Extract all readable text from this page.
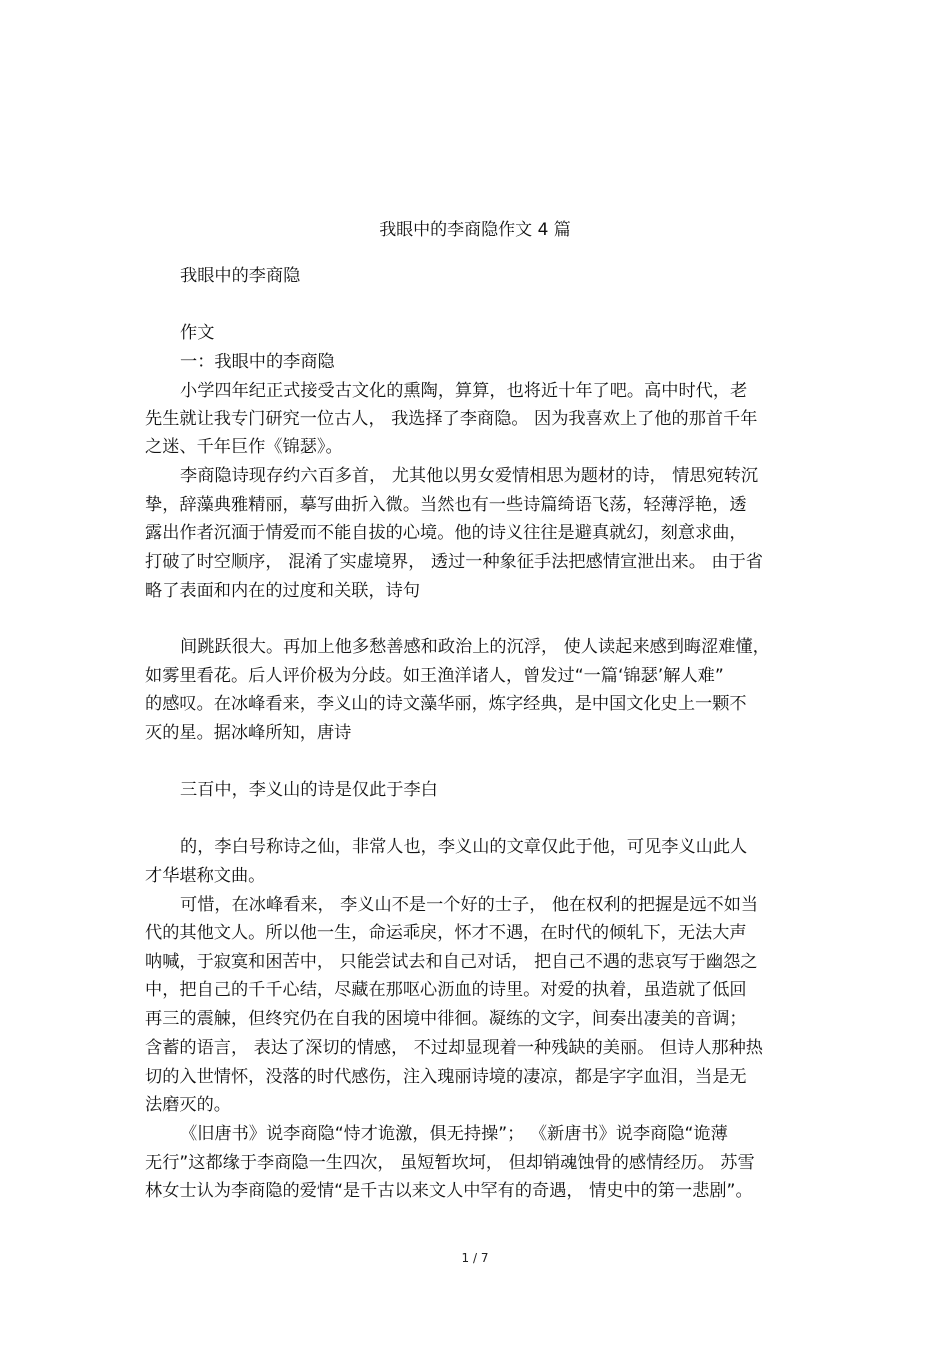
我眼中的李商隐作文 4 篇
我眼中的李商隐
作文
一：我眼中的李商隐
小学四年纪正式接受古文化的熏陶，算算，也将近十年了吧。高中时代，老
先生就让我专门研究一位古人， 我选择了李商隐。 因为我喜欢上了他的那首千年
之迷、千年巨作《锦瑟》。
李商隐诗现存约六百多首， 尤其他以男女爱情相思为题材的诗， 情思宛转沉
挚，辞藻典雅精丽，摹写曲折入微。当然也有一些诗篇绮语飞荡，轻薄浮艳，透
露出作者沉湎于情爱而不能自拔的心境。他的诗义往往是避真就幻，刻意求曲，
打破了时空顺序， 混淆了实虚境界， 透过一种象征手法把感情宣泄出来。 由于省
略了表面和内在的过度和关联，诗句
间跳跃很大。再加上他多愁善感和政治上的沉浮， 使人读起来感到晦涩难懂，
如雾里看花。后人评价极为分歧。如王渔洋诸人，曾发过“一篇‘锦瑟’解人难”
的感叹。在冰峰看来，李义山的诗文藻华丽，炼字经典，是中国文化史上一颗不
灭的星。据冰峰所知，唐诗
三百中，李义山的诗是仅此于李白
的，李白号称诗之仙，非常人也，李义山的文章仅此于他，可见李义山此人
才华堪称文曲。
可惜，在冰峰看来， 李义山不是一个好的士子， 他在权利的把握是远不如当
代的其他文人。所以他一生，命运乖戾，怀才不遇，在时代的倾轧下，无法大声
呐喊，于寂寞和困苦中， 只能尝试去和自己对话， 把自己不遇的悲哀写于幽怨之
中，把自己的千千心结，尽藏在那呕心沥血的诗里。对爱的执着，虽造就了低回
再三的震觫，但终究仍在自我的困境中徘徊。凝练的文字，间奏出凄美的音调；
含蓄的语言， 表达了深切的情感， 不过却显现着一种残缺的美丽。 但诗人那种热
切的入世情怀，没落的时代感伤，注入瑰丽诗境的凄凉，都是字字血泪，当是无
法磨灭的。
《旧唐书》说李商隐“恃才诡激，俱无持操”； 《新唐书》说李商隐“诡薄
无行”这都缘于李商隐一生四次， 虽短暂坎坷， 但却销魂蚀骨的感情经历。 苏雪
林女士认为李商隐的爱情“是千古以来文人中罕有的奇遇， 情史中的第一悲剧”。
1 / 7
